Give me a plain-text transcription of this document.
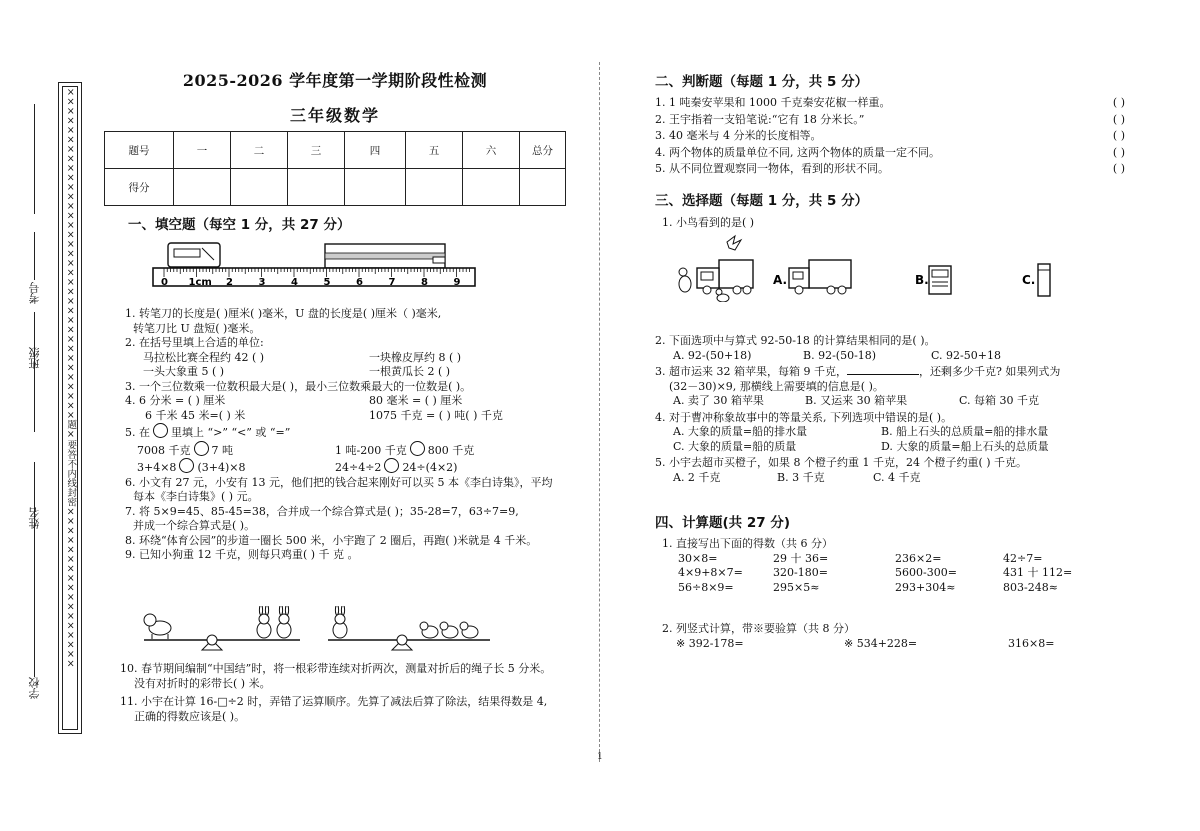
考号
班级
姓名
学校
×××××××××××××××××××××××××××××××××××题 × 要 答 不 内 线 封 密 ×××××××××××××××××
2025-2026 学年度第一学期阶段性检测
三年级数学
题号	一	二	三	四	五	六	总分
得分							
一、填空题（每空 1 分，共 27 分）
0 1cm 2	3	4	5	6	7	8	9
1. 转笔刀的长度是( )厘米( )毫米，U 盘的长度是( )厘米（ )毫米,
转笔刀比 U 盘短( )毫米。
2. 在括号里填上合适的单位:
马拉松比赛全程约 42 ( )	一块橡皮厚约 8 ( )
一头大象重 5 ( )	一根黄瓜长 2 ( )
3. 一个三位数乘一位数积最大是( )，最小三位数乘最大的一位数是( )。
4. 6 分米 = ( ) 厘米	80 毫米 = ( ) 厘米
6 千米 45 米=( ) 米	1075 千克 = ( ) 吨( ) 千克
5. 在 里填上 “>” “<” 或 “=”
7008 千克 7 吨	1 吨-200 千克 800 千克
3+4×8 (3+4)×8	24÷4÷2 24÷(4×2)
6. 小文有 27 元，小安有 13 元，他们把的钱合起来刚好可以买 5 本《李白诗集》，平均
每本《李白诗集》( ) 元。
7. 将 5×9=45、85-45=38，合并成一个综合算式是( )；35-28=7，63÷7=9,
并成一个综合算式是( )。
8. 环绕“体育公园”的步道一圈长 500 米，小宇跑了 2 圈后，再跑( )米就是 4 千米。
9. 已知小狗重 12 千克，则每只鸡重( ) 千 克 。
10. 春节期间编制“中国结”时，将一根彩带连续对折两次，测量对折后的绳子长 5 分米。
没有对折时的彩带长( ) 米。
11. 小宇在计算 16-□÷2 时，弄错了运算顺序。先算了减法后算了除法，结果得数是 4,
正确的得数应该是( )。
1
二、判断题（每题 1 分，共 5 分）
1. 1 吨秦安苹果和 1000 千克秦安花椒一样重。	( )
2. 王宇指着一支铅笔说:“它有 18 分米长。”	( )
3. 40 毫米与 4 分米的长度相等。	( )
4. 两个物体的质量单位不同, 这两个物体的质量一定不同。	( )
5. 从不同位置观察同一物体，看到的形状不同。	( )
三、选择题（每题 1 分，共 5 分）
1. 小鸟看到的是( )
A.	B.	C.
2. 下面选项中与算式 92-50-18 的计算结果相同的是( )。
A. 92-(50+18)	B. 92-(50-18)	C. 92-50+18
3. 超市运来 32 箱苹果，每箱 9 千克，	，还剩多少千克? 如果列式为
(32－30)×9, 那横线上需要填的信息是( )。
A. 卖了 30 箱苹果	B. 又运来 30 箱苹果	C. 每箱 30 千克
4. 对于曹冲称象故事中的等量关系, 下列选项中错误的是( )。
A. 大象的质量=船的排水量	B. 船上石头的总质量=船的排水量
C. 大象的质量=船的质量	D. 大象的质量=船上石头的总质量
5. 小宇去超市买橙子，如果 8 个橙子约重 1 千克，24 个橙子约重( ) 千克。
A. 2 千克	B. 3 千克	C. 4 千克
四、计算题(共 27 分)
1. 直接写出下面的得数（共 6 分）
30×8=	29 十 36=	236×2=	42÷7=
4×9+8×7=	320-180=	5600-300=	431 十 112=
56÷8×9=	295×5≈	293+304≈	803-248≈
2. 列竖式计算，带※要验算（共 8 分）
※ 392-178=	※ 534+228=	316×8=
